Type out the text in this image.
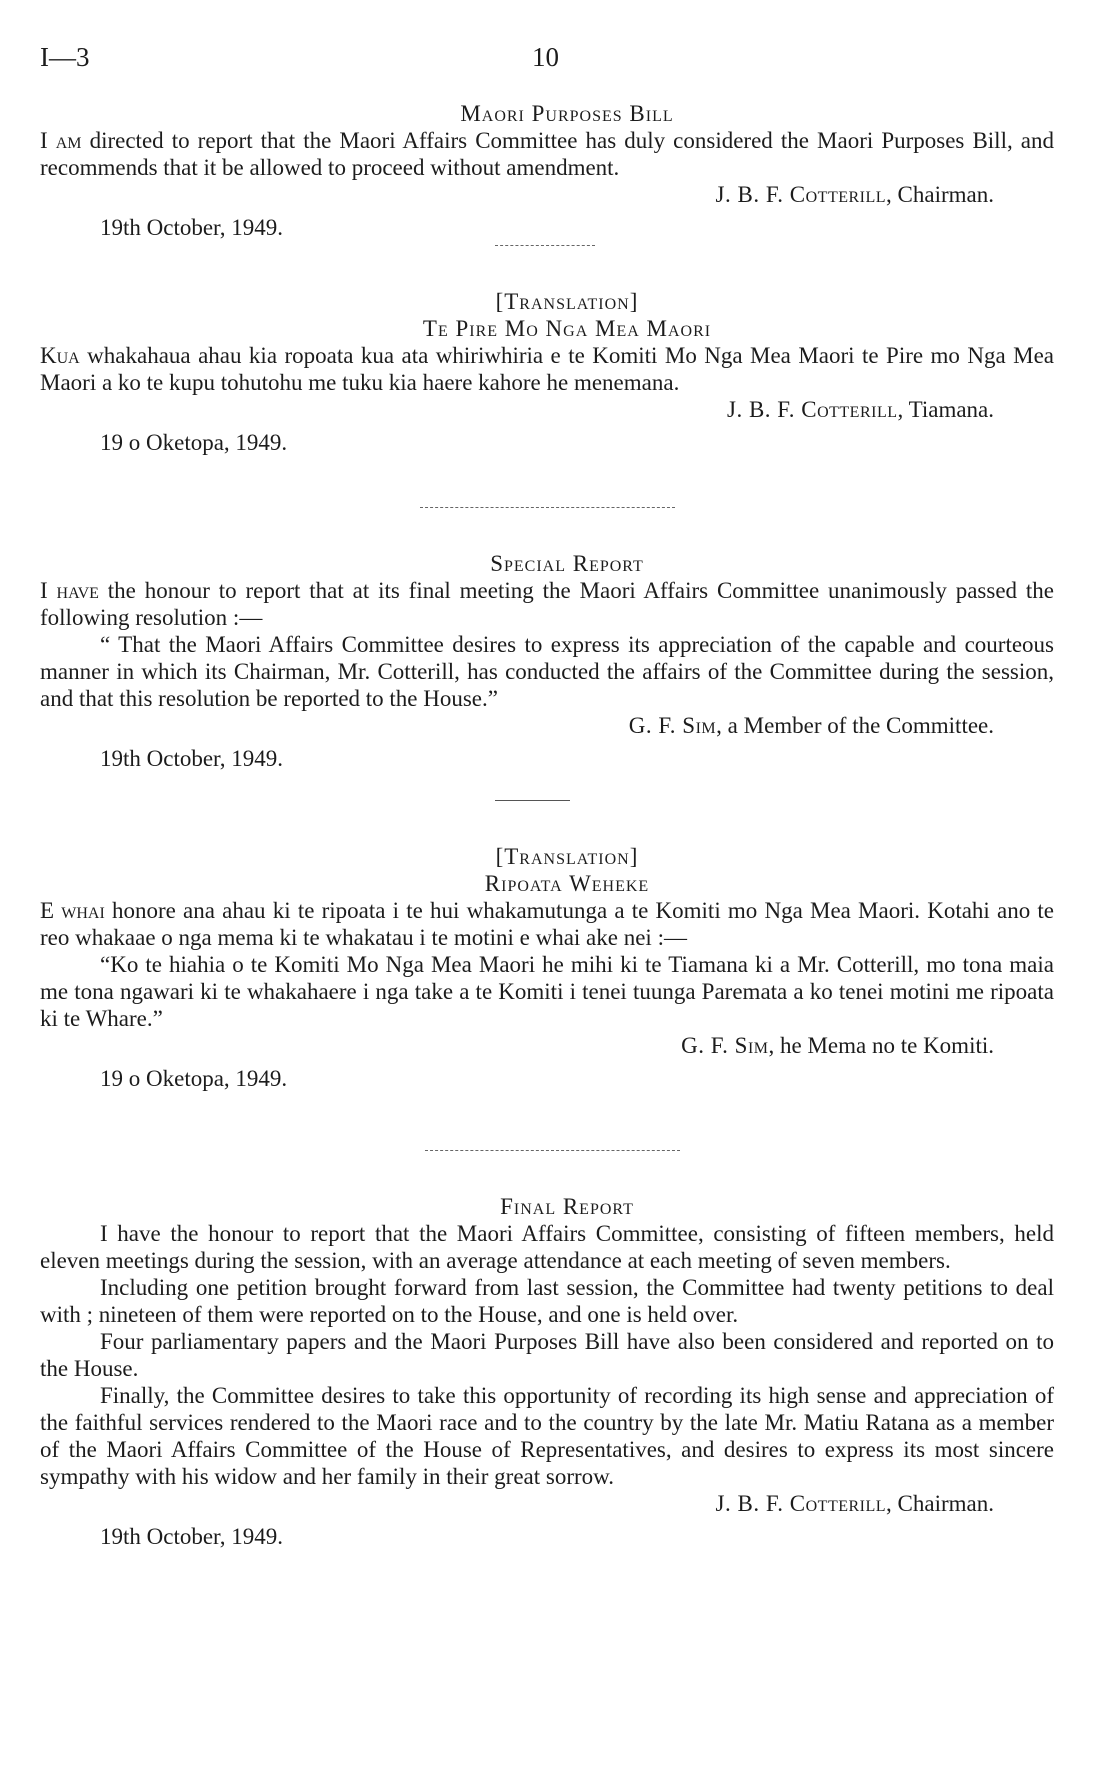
I—3	10
Maori Purposes Bill

I am directed to report that the Maori Affairs Committee has duly considered the Maori Purposes Bill, and recommends that it be allowed to proceed without amendment.

J. B. F. Cotterill, Chairman.
19th October, 1949.
[Translation]
Te Pire Mo Nga Mea Maori

Kua whakahaua ahau kia ropoata kua ata whiriwhiria e te Komiti Mo Nga Mea Maori te Pire mo Nga Mea Maori a ko te kupu tohutohu me tuku kia haere kahore he menemana.

J. B. F. Cotterill, Tiamana.
19 o Oketopa, 1949.
Special Report

I have the honour to report that at its final meeting the Maori Affairs Committee unanimously passed the following resolution :—

“ That the Maori Affairs Committee desires to express its appreciation of the capable and courteous manner in which its Chairman, Mr. Cotterill, has conducted the affairs of the Committee during the session, and that this resolution be reported to the House.”

G. F. Sim, a Member of the Committee.
19th October, 1949.
[Translation]
Ripoata Weheke

E whai honore ana ahau ki te ripoata i te hui whakamutunga a te Komiti mo Nga Mea Maori. Kotahi ano te reo whakaae o nga mema ki te whakatau i te motini e whai ake nei :—

“Ko te hiahia o te Komiti Mo Nga Mea Maori he mihi ki te Tiamana ki a Mr. Cotterill, mo tona maia me tona ngawari ki te whakahaere i nga take a te Komiti i tenei tuunga Paremata a ko tenei motini me ripoata ki te Whare.”

G. F. Sim, he Mema no te Komiti.
19 o Oketopa, 1949.
Final Report

I have the honour to report that the Maori Affairs Committee, consisting of fifteen members, held eleven meetings during the session, with an average attendance at each meeting of seven members.

Including one petition brought forward from last session, the Committee had twenty petitions to deal with ; nineteen of them were reported on to the House, and one is held over.

Four parliamentary papers and the Maori Purposes Bill have also been considered and reported on to the House.

Finally, the Committee desires to take this opportunity of recording its high sense and appreciation of the faithful services rendered to the Maori race and to the country by the late Mr. Matiu Ratana as a member of the Maori Affairs Committee of the House of Representatives, and desires to express its most sincere sympathy with his widow and her family in their great sorrow.

J. B. F. Cotterill, Chairman.
19th October, 1949.
